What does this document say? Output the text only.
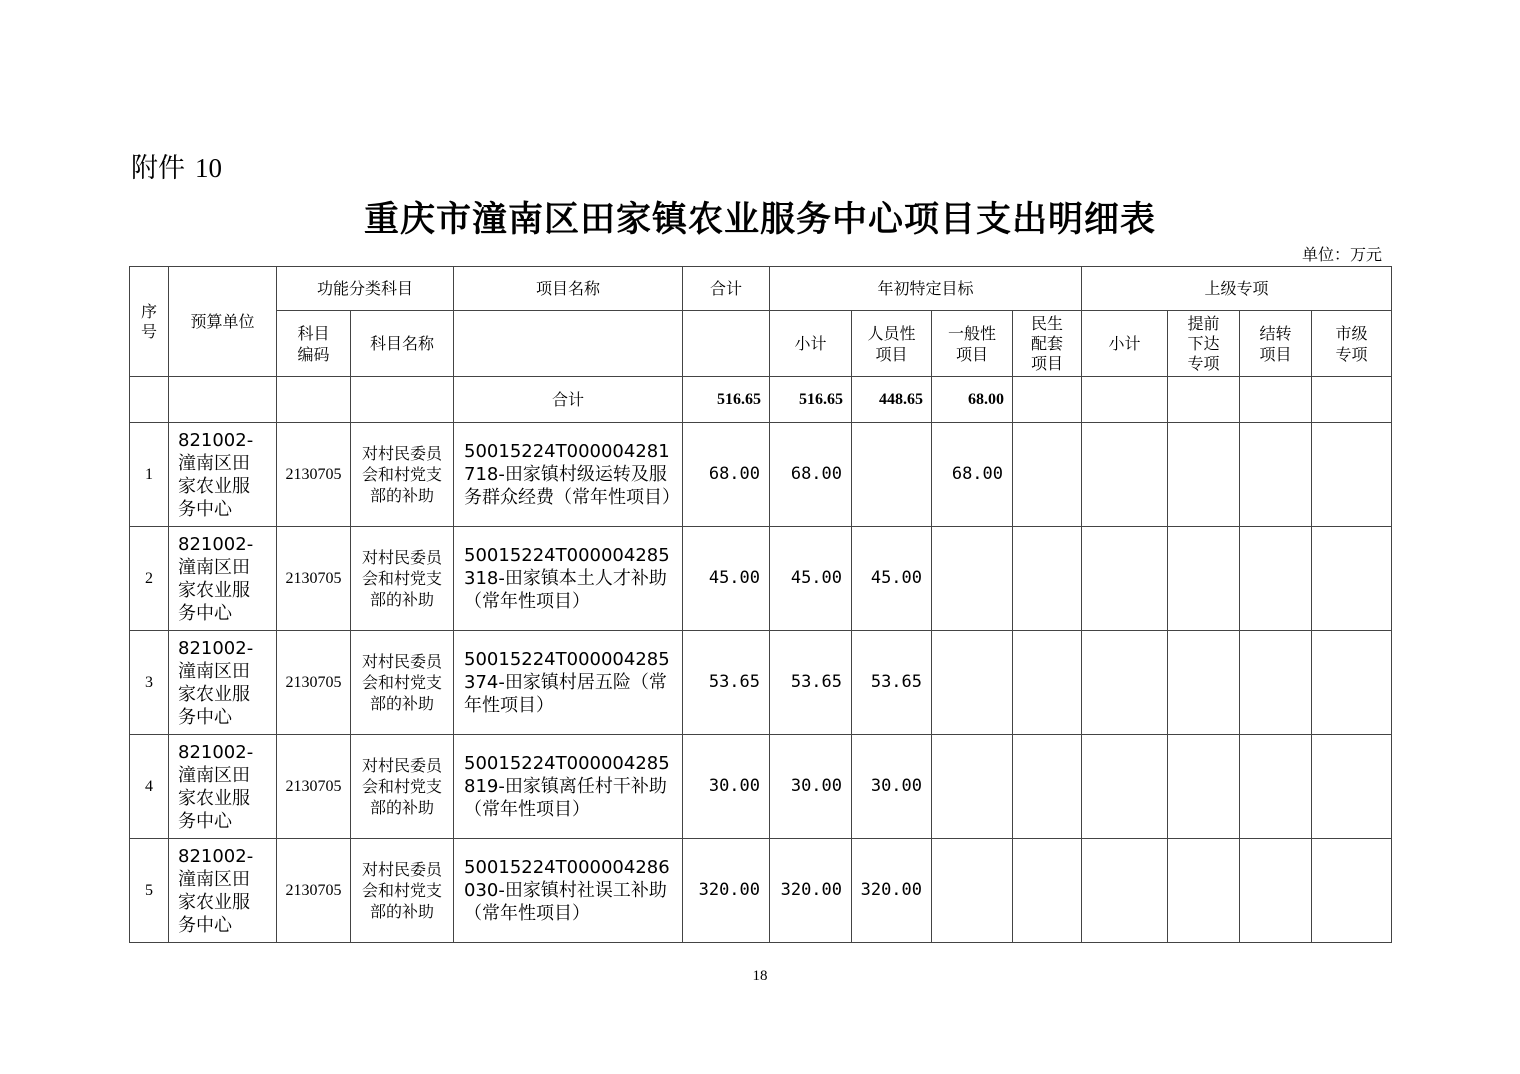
附件 10
重庆市潼南区田家镇农业服务中心项目支出明细表
单位：万元
序号	预算单位	功能分类科目		项目名称	合计	年初特定目标				上级专项			

		科目编码	科目名称			小计	人员性项目	一般性项目	民生配套项目	小计	提前下达专项	结转项目	市级专项

				合计	516.65	516.65	448.65	68.00					
1	821002-潼南区田家农业服务中心	2130705	对村民委员会和村党支部的补助	50015224T000004281718-田家镇村级运转及服务群众经费（常年性项目）	68.00	68.00		68.00					
2	821002-潼南区田家农业服务中心	2130705	对村民委员会和村党支部的补助	50015224T000004285318-田家镇本土人才补助（常年性项目）	45.00	45.00	45.00						
3	821002-潼南区田家农业服务中心	2130705	对村民委员会和村党支部的补助	50015224T000004285374-田家镇村居五险（常年性项目）	53.65	53.65	53.65						
4	821002-潼南区田家农业服务中心	2130705	对村民委员会和村党支部的补助	50015224T000004285819-田家镇离任村干补助（常年性项目）	30.00	30.00	30.00						
5	821002-潼南区田家农业服务中心	2130705	对村民委员会和村党支部的补助	50015224T000004286030-田家镇村社误工补助（常年性项目）	320.00	320.00	320.00						
18
